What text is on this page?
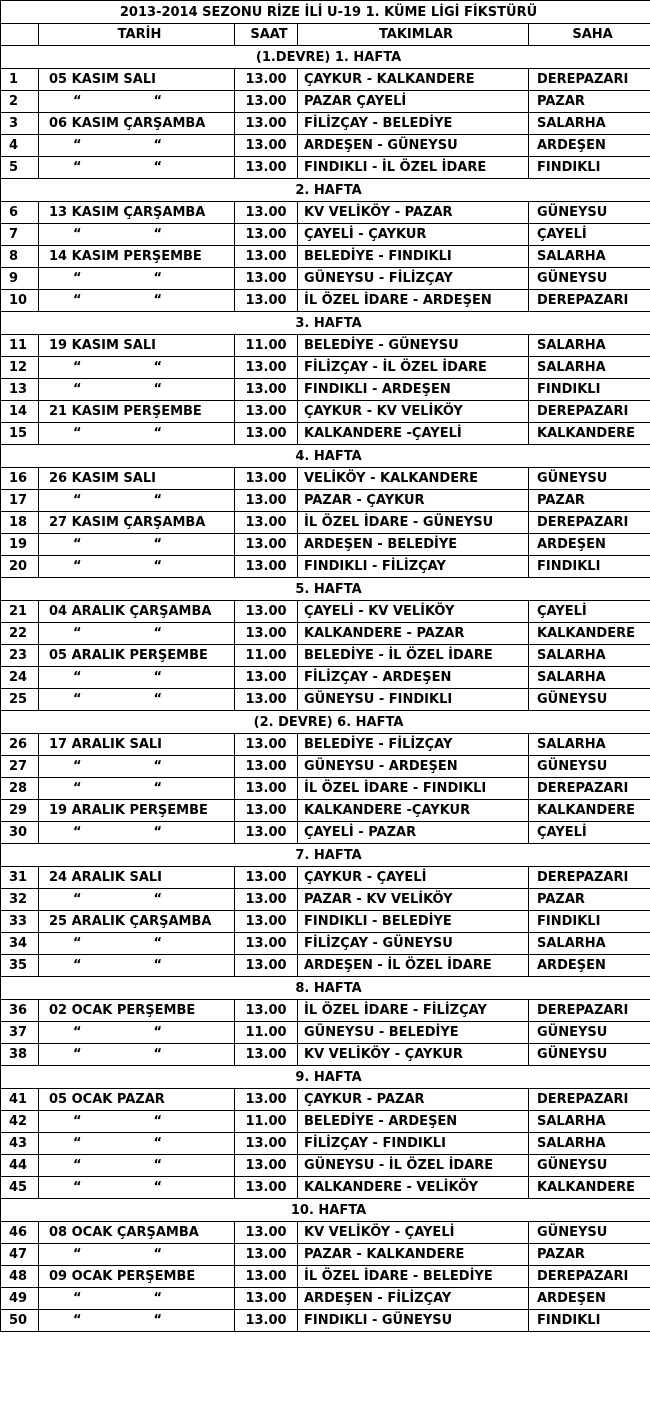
2013-2014 SEZONU RİZE İLİ U-19 1. KÜME LİGİ FİKSTÜRÜ				
	TARİH	SAAT	TAKIMLAR	SAHA
(1.DEVRE) 1. HAFTA				
1	05 KASIM SALI	13.00	ÇAYKUR - KALKANDERE	DEREPAZARI
2	“ “	13.00	PAZAR ÇAYELİ	PAZAR
3	06 KASIM ÇARŞAMBA	13.00	FİLİZÇAY - BELEDİYE	SALARHA
4	“ “	13.00	ARDEŞEN - GÜNEYSU	ARDEŞEN
5	“ “	13.00	FINDIKLI - İL ÖZEL İDARE	FINDIKLI
2. HAFTA				
6	13 KASIM ÇARŞAMBA	13.00	KV VELİKÖY - PAZAR	GÜNEYSU
7	“ “	13.00	ÇAYELİ - ÇAYKUR	ÇAYELİ
8	14 KASIM PERŞEMBE	13.00	BELEDİYE - FINDIKLI	SALARHA
9	“ “	13.00	GÜNEYSU - FİLİZÇAY	GÜNEYSU
10	“ “	13.00	İL ÖZEL İDARE - ARDEŞEN	DEREPAZARI
3. HAFTA				
11	19 KASIM SALI	11.00	BELEDİYE - GÜNEYSU	SALARHA
12	“ “	13.00	FİLİZÇAY - İL ÖZEL İDARE	SALARHA
13	“ “	13.00	FINDIKLI - ARDEŞEN	FINDIKLI
14	21 KASIM PERŞEMBE	13.00	ÇAYKUR - KV VELİKÖY	DEREPAZARI
15	“ “	13.00	KALKANDERE -ÇAYELİ	KALKANDERE
4. HAFTA				
16	26 KASIM SALI	13.00	VELİKÖY - KALKANDERE	GÜNEYSU
17	“ “	13.00	PAZAR - ÇAYKUR	PAZAR
18	27 KASIM ÇARŞAMBA	13.00	İL ÖZEL İDARE - GÜNEYSU	DEREPAZARI
19	“ “	13.00	ARDEŞEN - BELEDİYE	ARDEŞEN
20	“ “	13.00	FINDIKLI - FİLİZÇAY	FINDIKLI
5. HAFTA				
21	04 ARALIK ÇARŞAMBA	13.00	ÇAYELİ - KV VELİKÖY	ÇAYELİ
22	“ “	13.00	KALKANDERE - PAZAR	KALKANDERE
23	05 ARALIK PERŞEMBE	11.00	BELEDİYE - İL ÖZEL İDARE	SALARHA
24	“ “	13.00	FİLİZÇAY - ARDEŞEN	SALARHA
25	“ “	13.00	GÜNEYSU - FINDIKLI	GÜNEYSU
(2. DEVRE) 6. HAFTA				
26	17 ARALIK SALI	13.00	BELEDİYE - FİLİZÇAY	SALARHA
27	“ “	13.00	GÜNEYSU - ARDEŞEN	GÜNEYSU
28	“ “	13.00	İL ÖZEL İDARE - FINDIKLI	DEREPAZARI
29	19 ARALIK PERŞEMBE	13.00	KALKANDERE -ÇAYKUR	KALKANDERE
30	“ “	13.00	ÇAYELİ - PAZAR	ÇAYELİ
7. HAFTA				
31	24 ARALIK SALI	13.00	ÇAYKUR - ÇAYELİ	DEREPAZARI
32	“ “	13.00	PAZAR - KV VELİKÖY	PAZAR
33	25 ARALIK ÇARŞAMBA	13.00	FINDIKLI - BELEDİYE	FINDIKLI
34	“ “	13.00	FİLİZÇAY - GÜNEYSU	SALARHA
35	“ “	13.00	ARDEŞEN - İL ÖZEL İDARE	ARDEŞEN
8. HAFTA				
36	02 OCAK PERŞEMBE	13.00	İL ÖZEL İDARE - FİLİZÇAY	DEREPAZARI
37	“ “	11.00	GÜNEYSU - BELEDİYE	GÜNEYSU
38	“ “	13.00	KV VELİKÖY - ÇAYKUR	GÜNEYSU
9. HAFTA				
41	05 OCAK PAZAR	13.00	ÇAYKUR - PAZAR	DEREPAZARI
42	“ “	11.00	BELEDİYE - ARDEŞEN	SALARHA
43	“ “	13.00	FİLİZÇAY - FINDIKLI	SALARHA
44	“ “	13.00	GÜNEYSU - İL ÖZEL İDARE	GÜNEYSU
45	“ “	13.00	KALKANDERE - VELİKÖY	KALKANDERE
10. HAFTA				
46	08 OCAK ÇARŞAMBA	13.00	KV VELİKÖY - ÇAYELİ	GÜNEYSU
47	“ “	13.00	PAZAR - KALKANDERE	PAZAR
48	09 OCAK PERŞEMBE	13.00	İL ÖZEL İDARE - BELEDİYE	DEREPAZARI
49	“ “	13.00	ARDEŞEN - FİLİZÇAY	ARDEŞEN
50	“ “	13.00	FINDIKLI - GÜNEYSU	FINDIKLI
